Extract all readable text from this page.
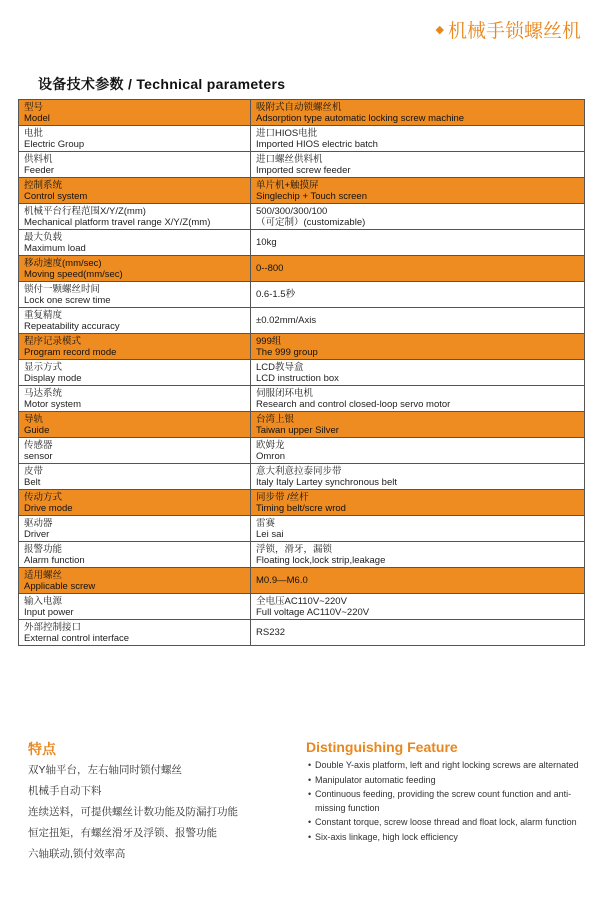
◆ 机械手锁螺丝机
设备技术参数 / Technical parameters
型号
Model	吸附式自动锁螺丝机
Adsorption type automatic locking screw machine

电批
Electric Group	进口HIOS电批
Imported HIOS electric batch

供料机
Feeder	进口螺丝供料机
Imported screw feeder

控制系统
Control system	单片机+触摸屏
Singlechip + Touch screen

机械平台行程范围X/Y/Z(mm)
Mechanical platform travel range X/Y/Z(mm)	500/300/300/100
（可定制）(customizable)

最大负载
Maximum load	10kg

移动速度(mm/sec)
Moving speed(mm/sec)	0--800

锁付一颗螺丝时间
Lock one screw time	0.6-1.5秒

重复精度
Repeatability accuracy	±0.02mm/Axis

程序记录模式
Program record mode	999组
The 999 group

显示方式
Display mode	LCD教导盒
LCD instruction box

马达系统
Motor system	伺服闭环电机
Research and control closed-loop servo motor

导轨
Guide	台湾上银
Taiwan upper Silver

传感器
sensor	欧姆龙
Omron

皮带
Belt	意大利意拉泰同步带
Italy Italy Lartey synchronous belt

传动方式
Drive mode	同步带 /丝杆
Timing belt/scre wrod

驱动器
Driver	雷赛
Lei sai

报警功能
Alarm function	浮锁，滑牙，漏锁
Floating lock,lock strip,leakage

适用螺丝
Applicable screw	M0.9—M6.0

输入电源
Input power	全电压AC110V~220V
Full voltage AC110V~220V

外部控制接口
External control interface	RS232
特点
双Y轴平台，左右轴同时锁付螺丝
机械手自动下料
连续送料，可提供螺丝计数功能及防漏打功能
恒定扭矩，有螺丝滑牙及浮锁、报警功能
六轴联动,锁付效率高
Distinguishing Feature
• Double Y-axis platform, left and right locking screws are alternated
• Manipulator automatic feeding
• Continuous feeding, providing the screw count function and anti- missing function
• Constant torque, screw loose thread and float lock, alarm function
• Six-axis linkage, high lock efficiency
